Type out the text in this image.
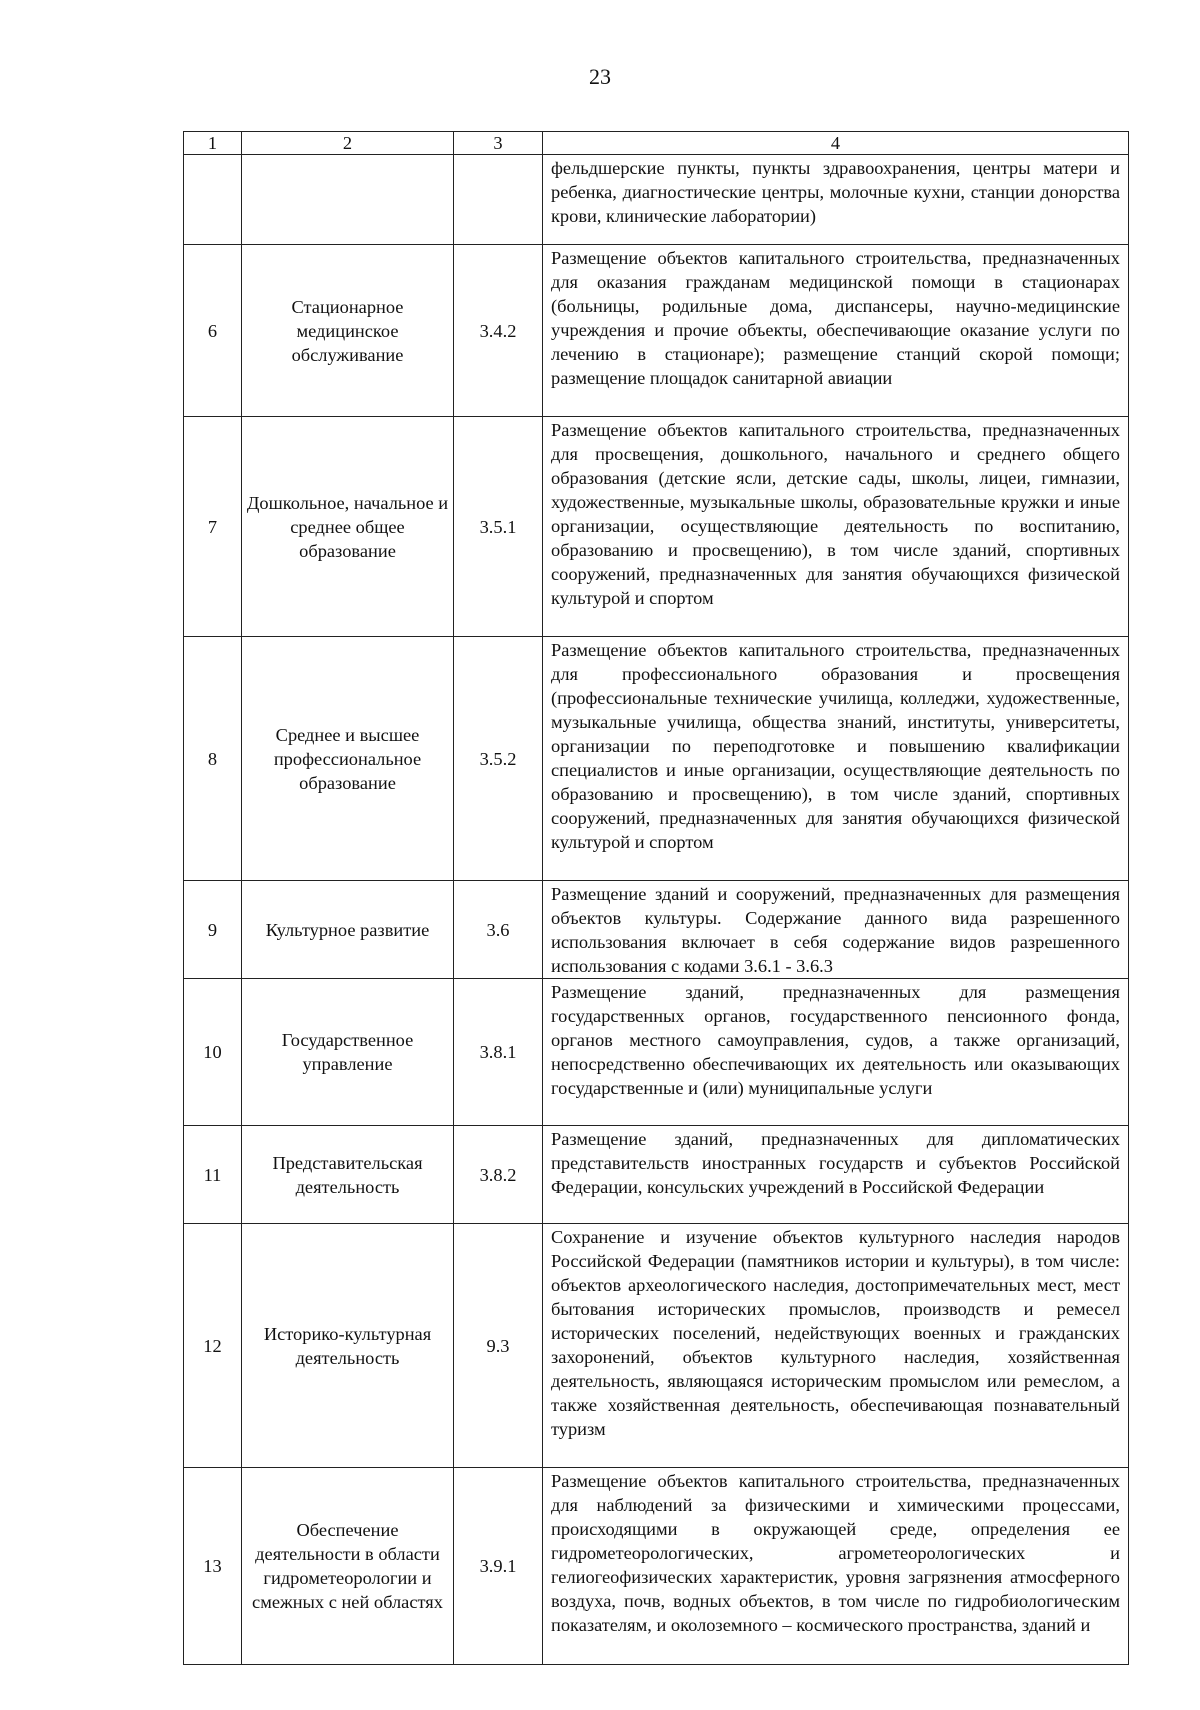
23
1	2	3	4

			фельдшерские пункты, пункты здравоохранения, центры матери и ребенка, диагностические центры, молочные кухни, станции донорства крови, клинические лаборатории)

6	Стационарное медицинское обслуживание	3.4.2	Размещение объектов капитального строительства, предназначенных для оказания гражданам медицинской помощи в стационарах (больницы, родильные дома, диспансеры, научно-медицинские учреждения и прочие объекты, обеспечивающие оказание услуги по лечению в стационаре); размещение станций скорой помощи; размещение площадок санитарной авиации

7	Дошкольное, начальное и среднее общее образование	3.5.1	Размещение объектов капитального строительства, предназначенных для просвещения, дошкольного, начального и среднего общего образования (детские ясли, детские сады, школы, лицеи, гимназии, художественные, музыкальные школы, образовательные кружки и иные организации, осуществляющие деятельность по воспитанию, образованию и просвещению), в том числе зданий, спортивных сооружений, предназначенных для занятия обучающихся физической культурой и спортом

8	Среднее и высшее профессиональное образование	3.5.2	Размещение объектов капитального строительства, предназначенных для профессионального образования и просвещения (профессиональные технические училища, колледжи, художественные, музыкальные училища, общества знаний, институты, университеты, организации по переподготовке и повышению квалификации специалистов и иные организации, осуществляющие деятельность по образованию и просвещению), в том числе зданий, спортивных сооружений, предназначенных для занятия обучающихся физической культурой и спортом

9	Культурное развитие	3.6	Размещение зданий и сооружений, предназначенных для размещения объектов культуры. Содержание данного вида разрешенного использования включает в себя содержание видов разрешенного использования с кодами 3.6.1 - 3.6.3

10	Государственное управление	3.8.1	Размещение зданий, предназначенных для размещения государственных органов, государственного пенсионного фонда, органов местного самоуправления, судов, а также организаций, непосредственно обеспечивающих их деятельность или оказывающих государственные и (или) муниципальные услуги

11	Представительская деятельность	3.8.2	Размещение зданий, предназначенных для дипломатических представительств иностранных государств и субъектов Российской Федерации, консульских учреждений в Российской Федерации

12	Историко-культурная деятельность	9.3	Сохранение и изучение объектов культурного наследия народов Российской Федерации (памятников истории и культуры), в том числе: объектов археологического наследия, достопримечательных мест, мест бытования исторических промыслов, производств и ремесел исторических поселений, недействующих военных и гражданских захоронений, объектов культурного наследия, хозяйственная деятельность, являющаяся историческим промыслом или ремеслом, а также хозяйственная деятельность, обеспечивающая познавательный туризм

13	Обеспечение деятельности в области гидрометеорологии и смежных с ней областях	3.9.1	Размещение объектов капитального строительства, предназначенных для наблюдений за физическими и химическими процессами, происходящими в окружающей среде, определения ее гидрометеорологических, агрометеорологических и гелиогеофизических характеристик, уровня загрязнения атмосферного воздуха, почв, водных объектов, в том числе по гидробиологическим показателям, и околоземного – космического пространства, зданий и
